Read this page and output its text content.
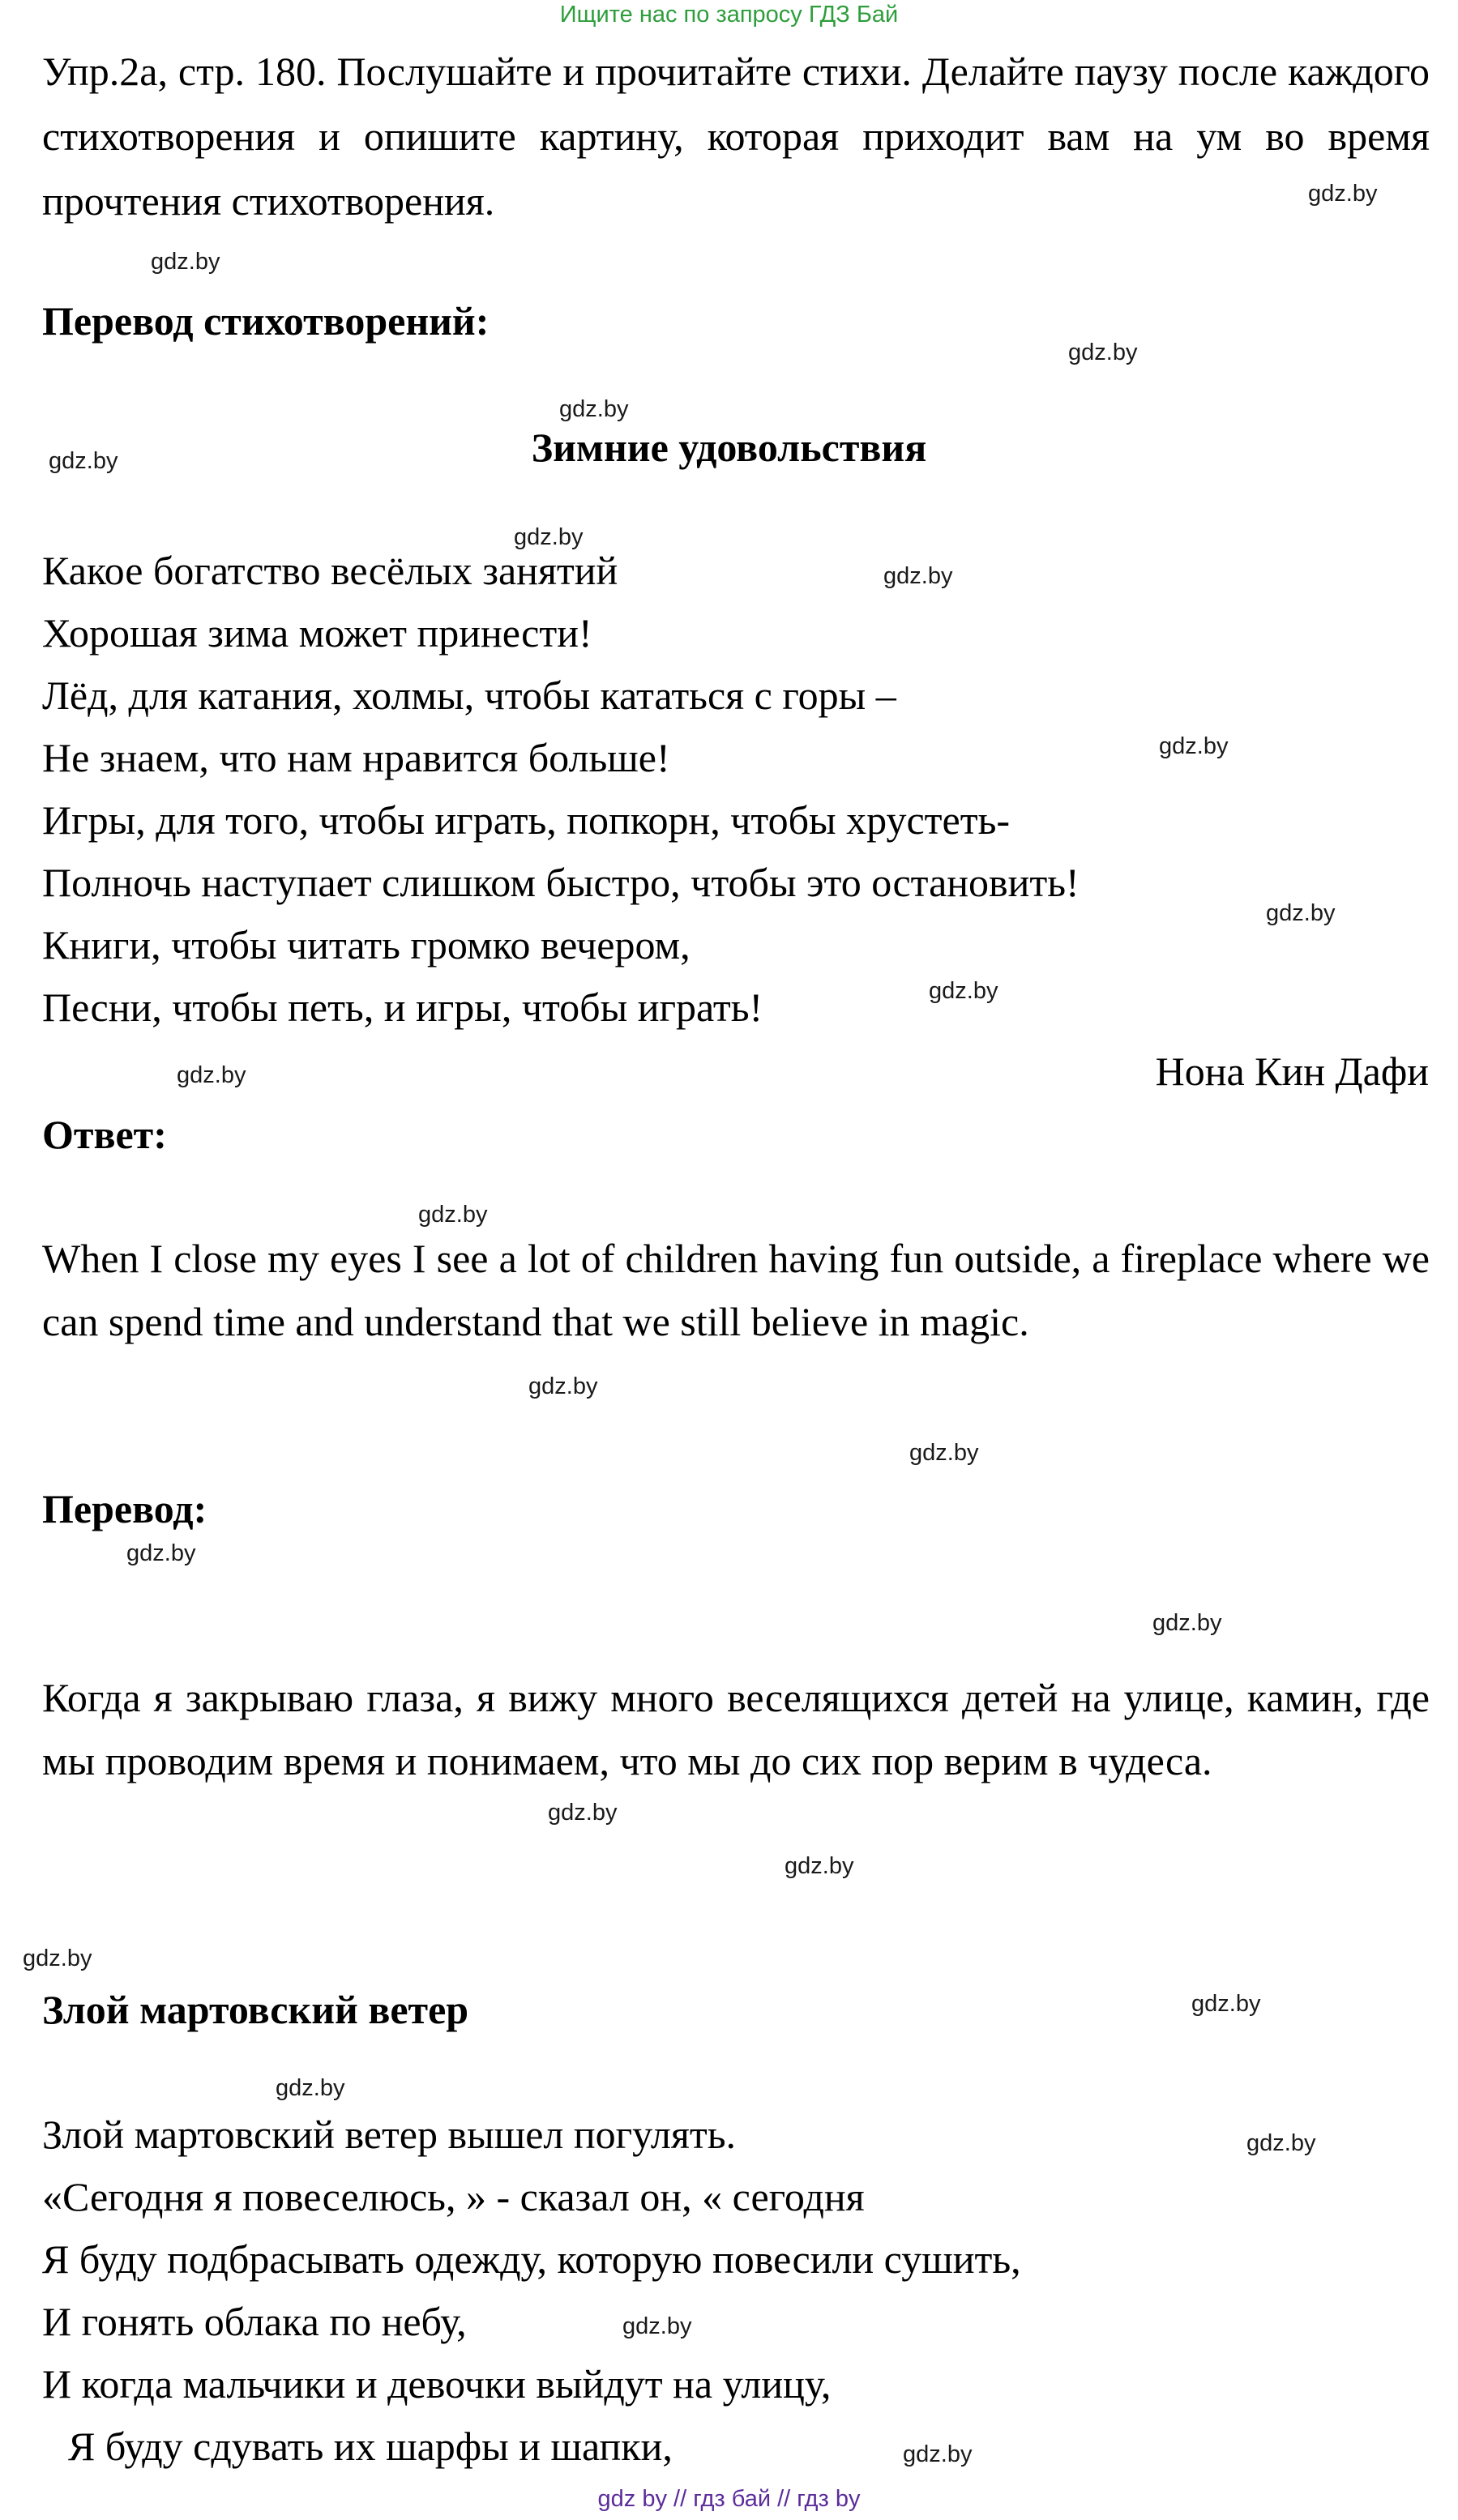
Ищите нас по запросу ГДЗ Бай

Упр.2a, стр. 180. Послушайте и прочитайте стихи. Делайте паузу после каждого стихотворения и опишите картину, которая приходит вам на ум во время прочтения стихотворения.

Перевод стихотворений:
Зимние удовольствия
Какое богатство весёлых занятий
Хорошая зима может принести!
Лёд, для катания, холмы, чтобы кататься с горы –
Не знаем, что нам нравится больше!
Игры, для того, чтобы играть, попкорн, чтобы хрустеть-
Полночь наступает слишком быстро, чтобы это остановить!
Книги, чтобы читать громко вечером,
Песни, чтобы петь, и игры, чтобы играть!
Нона Кин Дафи
Ответ:

When I close my eyes I see a lot of children having fun outside, a fireplace where we can spend time and understand that we still believe in magic.

Перевод:

Когда я закрываю глаза, я вижу много веселящихся детей на улице, камин, где мы проводим время и понимаем, что мы до сих пор верим в чудеса.

Злой мартовский ветер
Злой мартовский ветер вышел погулять.
«Сегодня я повеселюсь, » - сказал он, « сегодня
Я буду подбрасывать одежду, которую повесили сушить,
И гонять облака по небу,
И когда мальчики и девочки выйдут на улицу,
Я буду сдувать их шарфы и шапки,
gdz.by
gdz.by
gdz.by
gdz.by
gdz.by
gdz.by
gdz.by
gdz.by
gdz.by
gdz.by
gdz.by
gdz.by
gdz.by
gdz.by
gdz.by
gdz.by
gdz.by
gdz.by
gdz.by
gdz.by
gdz.by
gdz.by
gdz.by
gdz.by
gdz by // гдз бай // гдз by
